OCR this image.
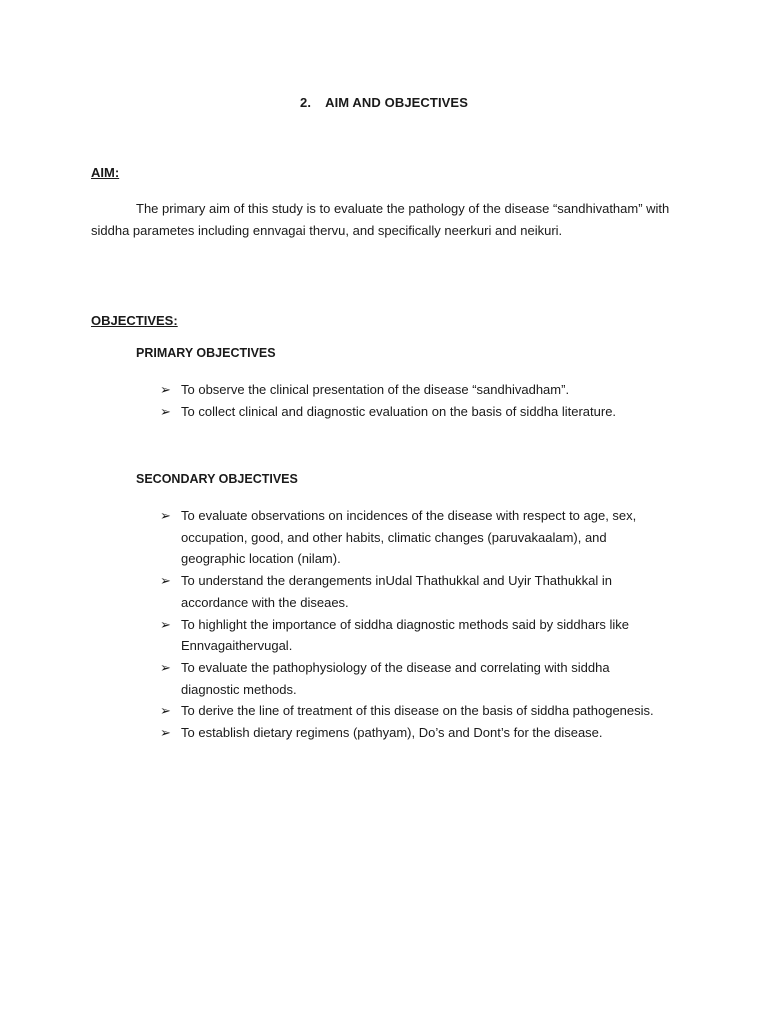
2. AIM AND OBJECTIVES
AIM:
The primary aim of this study is to evaluate the pathology of the disease “sandhivatham” with siddha parametes including ennvagai thervu, and specifically neerkuri and neikuri.
OBJECTIVES:
PRIMARY OBJECTIVES
➢ To observe the clinical presentation of the disease “sandhivadham”.
➢ To collect clinical and diagnostic evaluation on the basis of siddha literature.
SECONDARY OBJECTIVES
➢ To evaluate observations on incidences of the disease with respect to age, sex, occupation, good, and other habits, climatic changes (paruvakaalam), and geographic location (nilam).
➢ To understand the derangements inUdal Thathukkal and Uyir Thathukkal in accordance with the diseaes.
➢ To highlight the importance of siddha diagnostic methods said by siddhars like Ennvagaithervugal.
➢ To evaluate the pathophysiology of the disease and correlating with siddha diagnostic methods.
➢ To derive the line of treatment of this disease on the basis of siddha pathogenesis.
➢ To establish dietary regimens (pathyam), Do’s and Dont’s for the disease.
